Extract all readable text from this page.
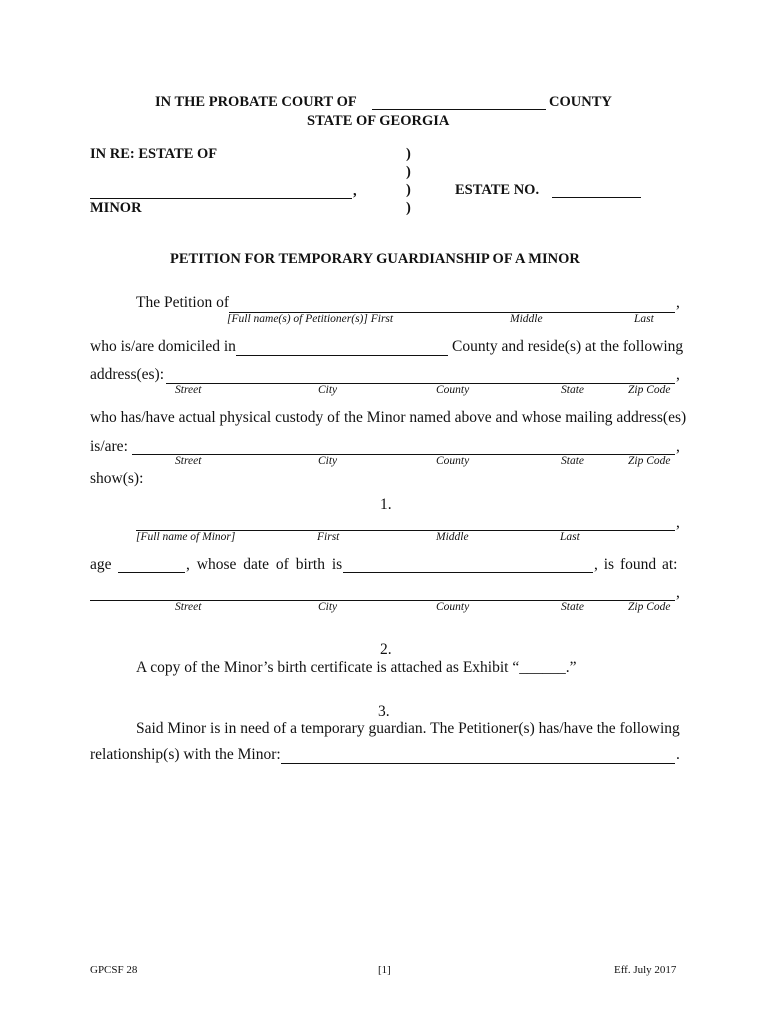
IN THE PROBATE COURT OF	COUNTY
STATE OF GEORGIA
IN RE: ESTATE OF
,
MINOR
)
)
)
)
ESTATE NO.
PETITION FOR TEMPORARY GUARDIANSHIP OF A MINOR
The Petition of	,
[Full name(s) of Petitioner(s)] First	Middle	Last
who is/are domiciled in	County and reside(s) at the following
address(es):	,
Street	City	County	State	Zip Code
who has/have actual physical custody of the Minor named above and whose mailing address(es)
is/are:	,
Street	City	County	State	Zip Code
show(s):
1.
,
[Full name of Minor]	First	Middle	Last
age	, whose date of birth is	, is found at:
,
Street	City	County	State	Zip Code
2.
A copy of the Minor’s birth certificate is attached as Exhibit “______.”
3.
Said Minor is in need of a temporary guardian. The Petitioner(s) has/have the following
relationship(s) with the Minor:	.
GPCSF 28	[1]	Eff. July 2017
